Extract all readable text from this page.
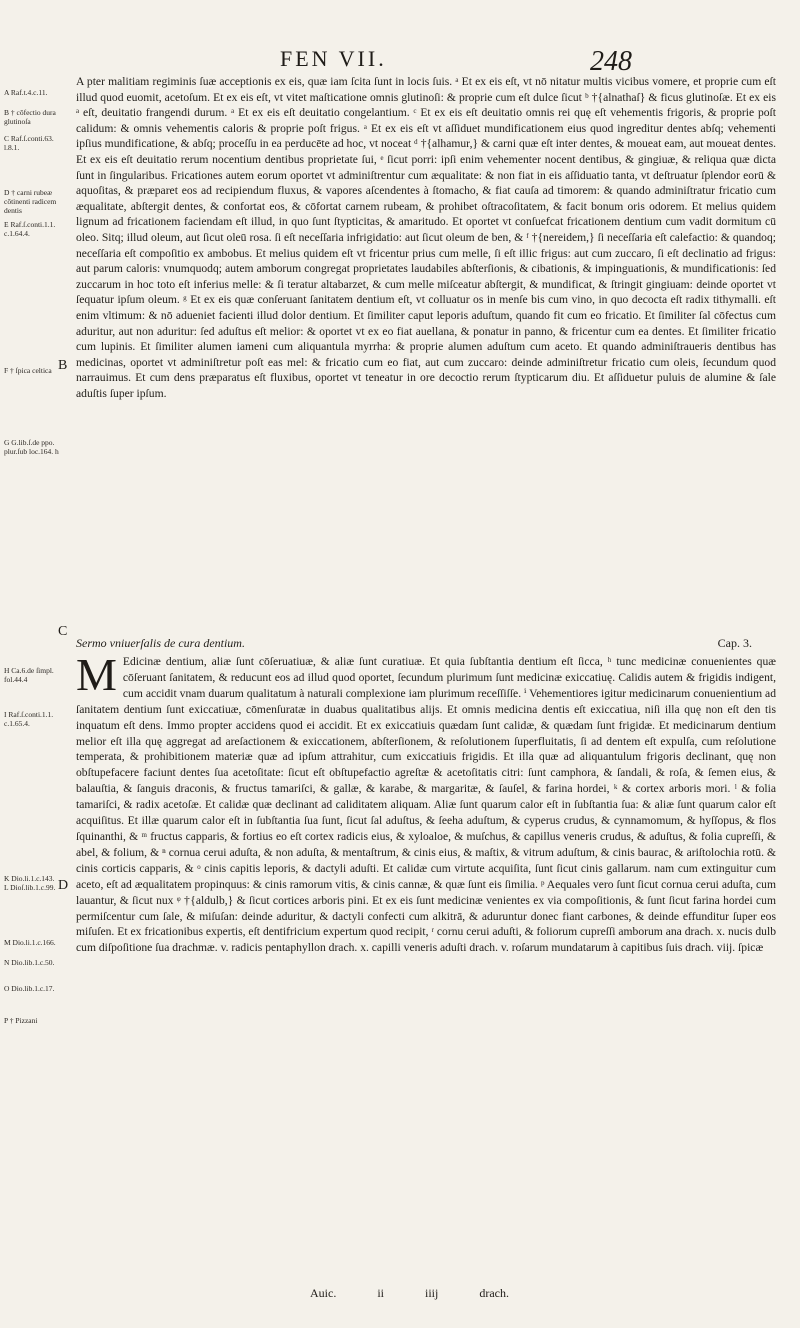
FEN VII.	248
A Raf.t.4.c.11.
B † cōfectio dura
glutinoſa
C Raf.ſ.conti.63.
l.8.1.
D † carni rubeæ
cōtinenti radicem
dentis
E Raf.ſ.conti.1.1.
c.1.64.4.
F † ſpica celtica
G G.lib.ſ.de ppo.
plur.ſub loc.164. h
H Ca.6.de ſimpl.
fol.44.4
I Raf.ſ.conti.1.1.
c.1.65.4.
K Dio.li.1.c.143.
L Dioſ.lib.1.c.99.
M Dio.li.1.c.166.
N Dio.lib.1.c.50.
O Dio.lib.1.c.17.
P † Pizzani
B
C
D

A pter malitiam regiminis ſuæ acceptionis ex eis, quæ iam ſcita ſunt in locis ſuis. ᵃ Et ex eis eſt, vt nō nitatur multis vicibus vomere, et proprie cum eſt illud quod euomit, acetoſum. Et ex eis eſt, vt vitet maſticatione omnis glutinoſi: & proprie cum eſt dulce ſicut ᵇ †{alnathaſ} & ficus glutinoſæ. Et ex eis ᵃ eſt, deuitatio frangendi durum. ᵃ Et ex eis eſt deuitatio congelantium. ᶜ Et ex eis eſt deuitatio omnis rei quę eſt vehementis frigoris, & proprie poſt calidum: & omnis vehementis caloris & proprie poſt frigus. ᵃ Et ex eis eſt vt aſſiduet mundificationem eius quod ingreditur dentes abſq; vehementi ipſius mundificatione, & abſq; proceſſu in ea perducēte ad hoc, vt noceat ᵈ †{alhamur,} & carni quæ eſt inter dentes, & moueat eam, aut moueat dentes. Et ex eis eſt deuitatio rerum nocentium dentibus proprietate ſui, ᵉ ſicut porri: ipſi enim vehementer nocent dentibus, & gingiuæ, & reliqua quæ dicta ſunt in ſingularibus. Fricationes autem eorum oportet vt adminiſtrentur cum æqualitate: & non fiat in eis aſſiduatio tanta, vt deſtruatur ſplendor eorū & aquoſitas, & præparet eos ad recipiendum fluxus, & vapores aſcendentes à ſtomacho, & fiat cauſa ad timorem: & quando adminiſtratur fricatio cum æqualitate, abſtergit dentes, & confortat eos, & cōfortat carnem rubeam, & prohibet oſtracoſitatem, & facit bonum oris odorem. Et melius quidem lignum ad fricationem faciendam eſt illud, in quo ſunt ſtypticitas, & amaritudo. Et oportet vt conſuefcat fricationem dentium cum vadit dormitum cū oleo. Sitq; illud oleum, aut ſicut oleū rosa. ſi eſt neceſſaria infrigidatio: aut ſicut oleum de ben, & ᶠ †{nereidem,} ſi neceſſaria eſt calefactio: & quandoq; neceſſaria eſt compoſitio ex ambobus. Et melius quidem eſt vt fricentur prius cum melle, ſi eſt illic frigus: aut cum zuccaro, ſi eſt declinatio ad frigus: aut parum caloris: vnumquodq; autem amborum congregat proprietates laudabiles abſterſionis, & cibationis, & impinguationis, & mundificationis: ſed zuccarum in hoc toto eſt inferius melle: & ſi teratur altabarzet, & cum melle miſceatur abſtergit, & mundificat, & ſtringit gingiuam: deinde oportet vt ſequatur ipſum oleum. ᵍ Et ex eis quæ conſeruant ſanitatem dentium eſt, vt colluatur os in menſe bis cum vino, in quo decocta eſt radix tithymalli. eſt enim vltimum: & nō adueniet facienti illud dolor dentium. Et ſimiliter caput leporis aduſtum, quando fit cum eo fricatio. Et ſimiliter ſal cōfectus cum aduritur, aut non aduritur: ſed aduſtus eſt melior: & oportet vt ex eo fiat auellana, & ponatur in panno, & fricentur cum ea dentes. Et ſimiliter fricatio cum lupinis. Et ſimiliter alumen iameni cum aliquantula myrrha: & proprie alumen aduſtum cum aceto. Et quando adminiſtraueris dentibus has medicinas, oportet vt adminiſtretur poſt eas mel: & fricatio cum eo fiat, aut cum zuccaro: deinde adminiſtretur fricatio cum oleis, ſecundum quod narrauimus. Et cum dens præparatus eſt fluxibus, oportet vt teneatur in ore decoctio rerum ſtypticarum diu. Et aſſiduetur puluis de alumine & ſale aduſtis ſuper ipſum.

Sermo vniuerſalis de cura dentium.	Cap. 3.
M Edicinæ dentium, aliæ ſunt cōſeruatiuæ, & aliæ ſunt curatiuæ. Et quia ſubſtantia dentium eſt ſicca, ʰ tunc medicinæ conuenientes quæ cōſeruant ſanitatem, & reducunt eos ad illud quod oportet, ſecundum plurimum ſunt medicinæ exiccatiuę. Calidis autem & frigidis indigent, cum accidit vnam duarum qualitatum à naturali complexione iam plurimum receſſiſſe. ⁱ Vehementiores igitur medicinarum conuenientium ad ſanitatem dentium ſunt exiccatiuæ, cōmenſuratæ in duabus qualitatibus alijs. Et omnis medicina dentis eſt exiccatiua, niſi illa quę non eſt den tis inquatum eſt dens. Immo propter accidens quod ei accidit. Et ex exiccatiuis quædam ſunt calidæ, & quædam ſunt frigidæ. Et medicinarum dentium melior eſt illa quę aggregat ad areſactionem & exiccationem, abſterſionem, & reſolutionem ſuperfluitatis, ſi ad dentem eſt expulſa, cum reſolutione temperata, & prohibitionem materiæ quæ ad ipſum attrahitur, cum exiccatiuis frigidis. Et illa quæ ad aliquantulum frigoris declinant, quę non obſtupefacere faciunt dentes ſua acetoſitate: ſicut eſt obſtupefactio agreſtæ & acetoſitatis citri: ſunt camphora, & ſandali, & roſa, & ſemen eius, & balauſtia, & ſanguis draconis, & fructus tamariſci, & gallæ, & karabe, & margaritæ, & ſauſel, & farina hordei, ᵏ & cortex arboris mori. ˡ & folia tamariſci, & radix acetoſæ. Et calidæ quæ declinant ad caliditatem aliquam. Aliæ ſunt quarum calor eſt in ſubſtantia ſua: & aliæ ſunt quarum calor eſt acquiſitus. Et illæ quarum calor eſt in ſubſtantia ſua ſunt, ſicut ſal aduſtus, & ſeeha aduſtum, & cyperus crudus, & cynnamomum, & hyſſopus, & flos ſquinanthi, & ᵐ fructus capparis, & fortius eo eſt cortex radicis eius, & xyloaloe, & muſchus, & capillus veneris crudus, & aduſtus, & folia cupreſſi, & abel, & folium, & ⁿ cornua cerui aduſta, & non aduſta, & mentaſtrum, & cinis eius, & maſtix, & vitrum aduſtum, & cinis baurac, & ariſtolochia rotū. & cinis corticis capparis, & ᵒ cinis capitis leporis, & dactyli aduſti. Et calidæ cum virtute acquiſita, ſunt ſicut cinis gallarum. nam cum extinguitur cum aceto, eſt ad æqualitatem propinquus: & cinis ramorum vitis, & cinis cannæ, & quæ ſunt eis ſimilia. ᵖ Aequales vero ſunt ſicut cornua cerui aduſta, cum lauantur, & ſicut nux ᵠ †{aldulb,} & ſicut cortices arboris pini. Et ex eis ſunt medicinæ venientes ex via compoſitionis, & ſunt ſicut farina hordei cum permiſcentur cum ſale, & miſuſan: deinde aduritur, & dactyli confecti cum alkitrā, & aduruntur donec fiant carbones, & deinde effunditur ſuper eos miſuſen. Et ex fricationibus expertis, eſt dentifricium expertum quod recipit, ʳ cornu cerui aduſti, & foliorum cupreſſi amborum ana drach. x. nucis dulb cum diſpoſitione ſua drachmæ. v. radicis pentaphyllon drach. x. capilli veneris aduſti drach. v. roſarum mundatarum à capitibus ſuis drach. viij. ſpicæ
Auic.	ii	iiij	drach.
